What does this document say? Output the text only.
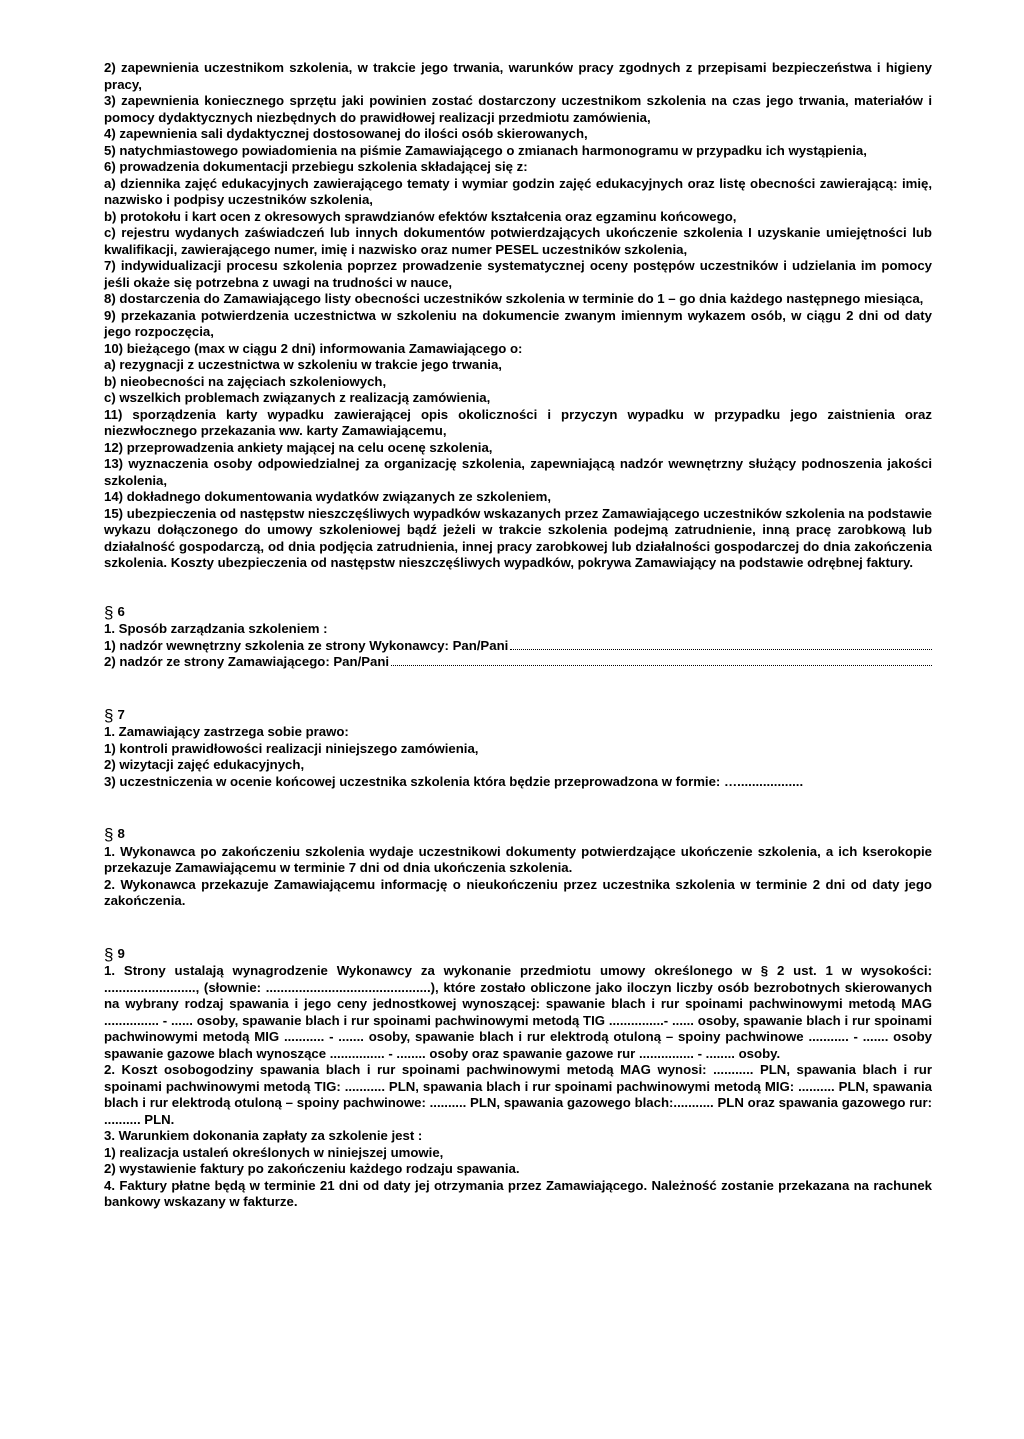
2) zapewnienia uczestnikom szkolenia, w trakcie jego trwania, warunków pracy zgodnych z przepisami bezpieczeństwa i higieny pracy,

3) zapewnienia koniecznego sprzętu jaki powinien zostać dostarczony uczestnikom szkolenia na czas jego trwania, materiałów i pomocy dydaktycznych niezbędnych do prawidłowej realizacji przedmiotu zamówienia,

4) zapewnienia sali dydaktycznej dostosowanej do ilości osób skierowanych,

5) natychmiastowego powiadomienia na piśmie Zamawiającego o zmianach harmonogramu w przypadku ich wystąpienia,

6) prowadzenia dokumentacji przebiegu szkolenia składającej się z:

a) dziennika zajęć edukacyjnych zawierającego tematy i wymiar godzin zajęć edukacyjnych oraz listę obecności zawierającą: imię, nazwisko i podpisy uczestników szkolenia,

b) protokołu i kart ocen z okresowych sprawdzianów efektów kształcenia oraz egzaminu końcowego,

c) rejestru wydanych zaświadczeń lub innych dokumentów potwierdzających ukończenie szkolenia I uzyskanie umiejętności lub kwalifikacji, zawierającego numer, imię i nazwisko oraz numer PESEL uczestników szkolenia,

7) indywidualizacji procesu szkolenia poprzez prowadzenie systematycznej oceny postępów uczestników i udzielania im pomocy jeśli okaże się potrzebna z uwagi na trudności w nauce,

8) dostarczenia do Zamawiającego listy obecności uczestników szkolenia w terminie do 1 – go dnia każdego następnego miesiąca,

9) przekazania potwierdzenia uczestnictwa w szkoleniu na dokumencie zwanym imiennym wykazem osób, w ciągu 2 dni od daty jego rozpoczęcia,

10) bieżącego (max w ciągu 2 dni) informowania Zamawiającego o:

a) rezygnacji z uczestnictwa w szkoleniu w trakcie jego trwania,

b) nieobecności na zajęciach szkoleniowych,

c) wszelkich problemach związanych z realizacją zamówienia,

11) sporządzenia karty wypadku zawierającej opis okoliczności i przyczyn wypadku w przypadku jego zaistnienia oraz niezwłocznego przekazania ww. karty Zamawiającemu,

12) przeprowadzenia ankiety mającej na celu ocenę szkolenia,

13) wyznaczenia osoby odpowiedzialnej za organizację szkolenia, zapewniającą nadzór wewnętrzny służący podnoszenia jakości szkolenia,

14) dokładnego dokumentowania wydatków związanych ze szkoleniem,

15) ubezpieczenia od następstw nieszczęśliwych wypadków wskazanych przez Zamawiającego uczestników szkolenia na podstawie wykazu dołączonego do umowy szkoleniowej bądź jeżeli w trakcie szkolenia podejmą zatrudnienie, inną pracę zarobkową lub działalność gospodarczą, od dnia podjęcia zatrudnienia, innej pracy zarobkowej lub działalności gospodarczej do dnia zakończenia szkolenia. Koszty ubezpieczenia od następstw nieszczęśliwych wypadków, pokrywa Zamawiający na podstawie odrębnej faktury.

§ 6

1. Sposób zarządzania szkoleniem :

1) nadzór wewnętrzny szkolenia ze strony Wykonawcy: Pan/Pani
2) nadzór ze strony Zamawiającego: Pan/Pani

§ 7

1. Zamawiający zastrzega sobie prawo:

1) kontroli prawidłowości realizacji niniejszego zamówienia,

2) wizytacji zajęć edukacyjnych,

3) uczestniczenia w ocenie końcowej uczestnika szkolenia która będzie przeprowadzona w formie: …..................

§ 8

1. Wykonawca po zakończeniu szkolenia wydaje uczestnikowi dokumenty potwierdzające ukończenie szkolenia, a ich kserokopie przekazuje Zamawiającemu w terminie 7 dni od dnia ukończenia szkolenia.

2. Wykonawca przekazuje Zamawiającemu informację o nieukończeniu przez uczestnika szkolenia w terminie 2 dni od daty jego zakończenia.

§ 9

1. Strony ustalają wynagrodzenie Wykonawcy za wykonanie przedmiotu umowy określonego w § 2 ust. 1 w wysokości: ........................., (słownie: .............................................), które zostało obliczone jako iloczyn liczby osób bezrobotnych skierowanych na wybrany rodzaj spawania i jego ceny jednostkowej wynoszącej: spawanie blach i rur spoinami pachwinowymi metodą MAG ............... - ...... osoby, spawanie blach i rur spoinami pachwinowymi metodą TIG ...............- ...... osoby, spawanie blach i rur spoinami pachwinowymi metodą MIG ........... - ....... osoby, spawanie blach i rur elektrodą otuloną – spoiny pachwinowe ........... - ....... osoby spawanie gazowe blach wynoszące ............... - ........ osoby oraz spawanie gazowe rur ............... - ........ osoby.

2. Koszt osobogodziny spawania blach i rur spoinami pachwinowymi metodą MAG wynosi: ........... PLN, spawania blach i rur spoinami pachwinowymi metodą TIG: ........... PLN, spawania blach i rur spoinami pachwinowymi metodą MIG: .......... PLN, spawania blach i rur elektrodą otuloną – spoiny pachwinowe: .......... PLN, spawania gazowego blach:........... PLN oraz spawania gazowego rur: .......... PLN.

3. Warunkiem dokonania zapłaty za szkolenie jest :

1) realizacja ustaleń określonych w niniejszej umowie,

2) wystawienie faktury po zakończeniu każdego rodzaju spawania.

4. Faktury płatne będą w terminie 21 dni od daty jej otrzymania przez Zamawiającego. Należność zostanie przekazana na rachunek bankowy wskazany w fakturze.
